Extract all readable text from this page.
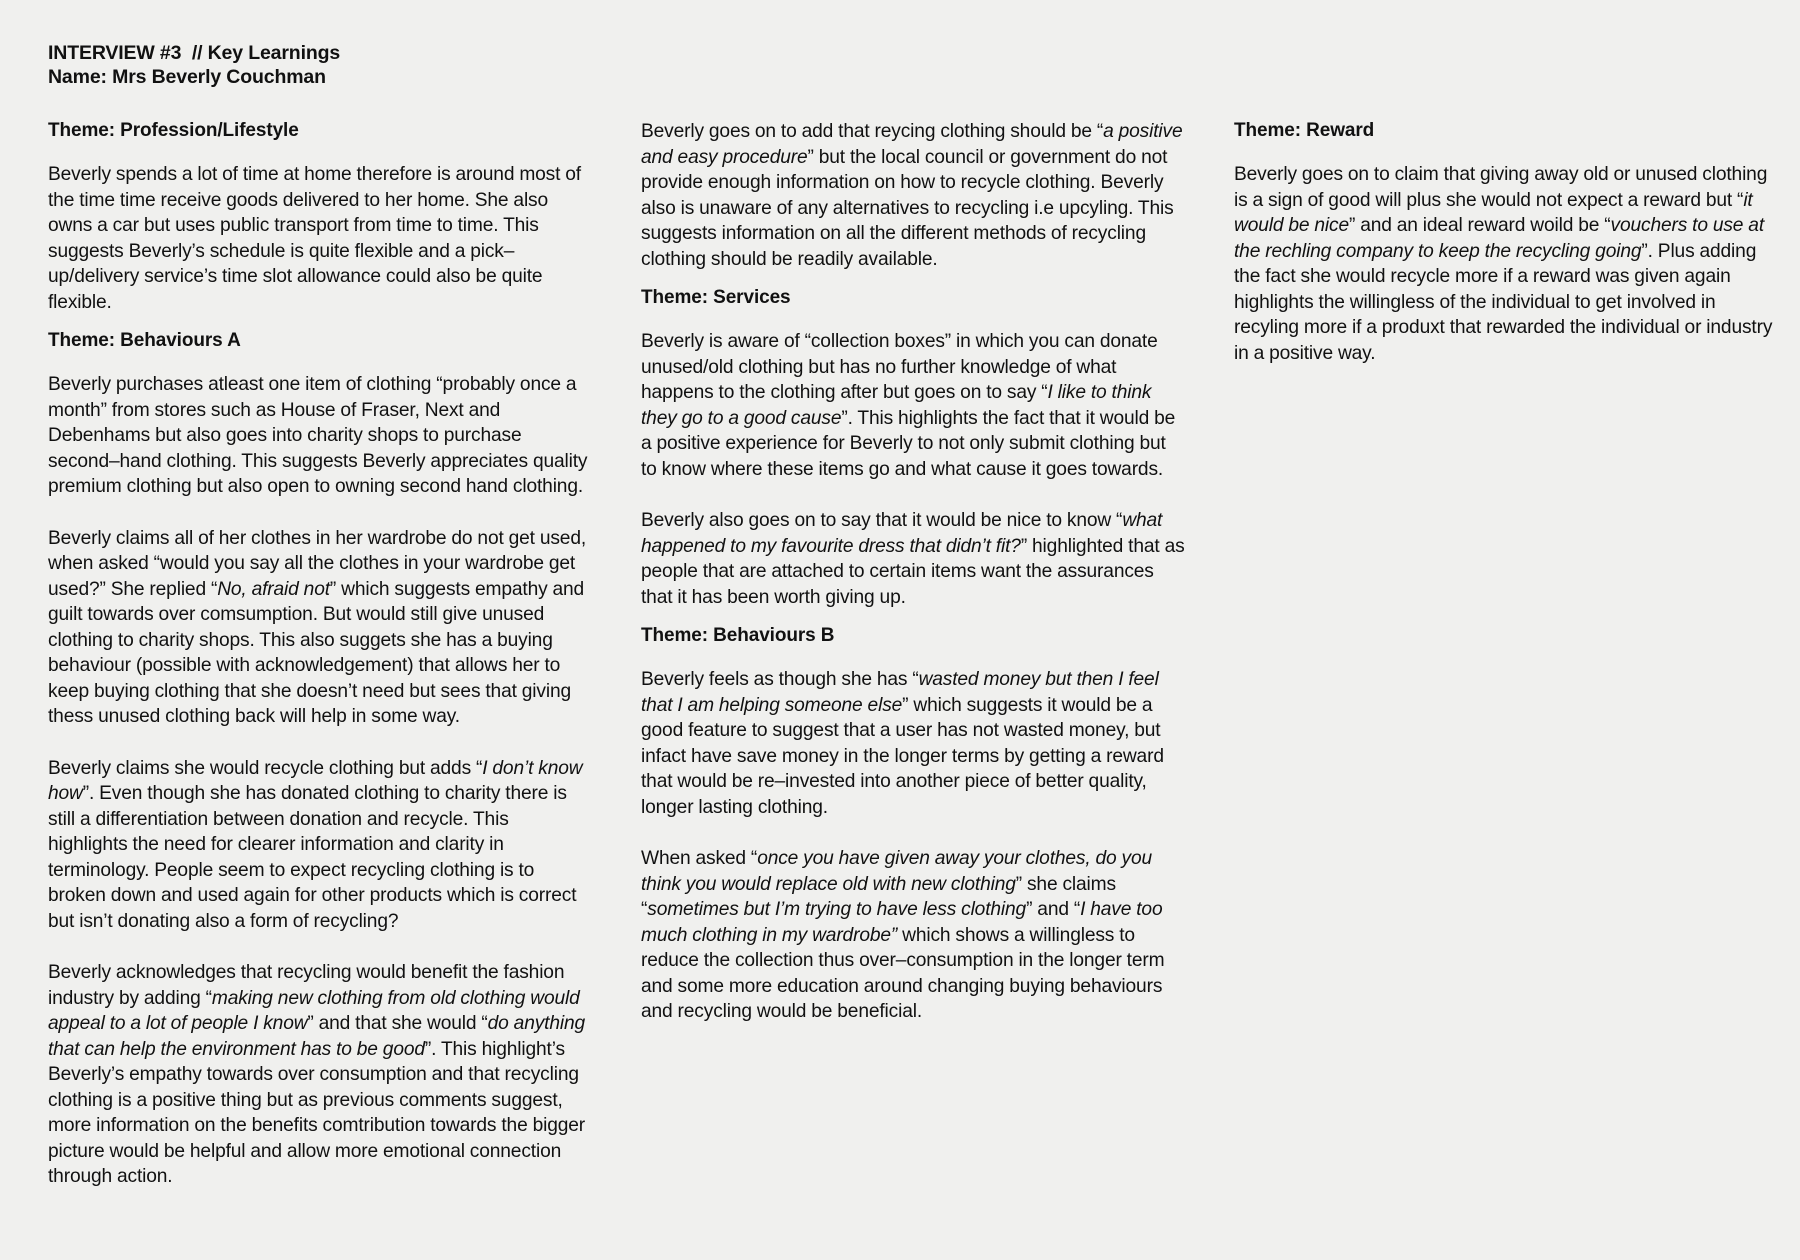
INTERVIEW #3  // Key Learnings
Name: Mrs Beverly Couchman
Theme: Profession/Lifestyle

Beverly spends a lot of time at home therefore is around most of the time time receive goods delivered to her home. She also owns a car but uses public transport from time to time. This suggests Beverly’s schedule is quite flexible and a pick–up/delivery service’s time slot allowance could also be quite flexible.

Theme: Behaviours A

Beverly purchases atleast one item of clothing “probably once a month” from stores such as House of Fraser, Next and Debenhams but also goes into charity shops to purchase second–hand clothing. This suggests Beverly appreciates quality premium clothing but also open to owning second hand clothing.

Beverly claims all of her clothes in her wardrobe do not get used, when asked “would you say all the clothes in your wardrobe get used?” She replied “No, afraid not” which suggests empathy and guilt towards over comsumption. But would still give unused clothing to charity shops. This also suggets she has a buying behaviour (possible with acknowledgement) that allows her to keep buying clothing that she doesn’t need but sees that giving thess unused clothing back will help in some way.

Beverly claims she would recycle clothing but adds “I don’t know how”. Even though she has donated clothing to charity there is still a differentiation between donation and recycle. This highlights the need for clearer information and clarity in terminology. People seem to expect recycling clothing is to broken down and used again for other products which is correct but isn’t donating also a form of recycling?

Beverly acknowledges that recycling would benefit the fashion industry by adding “making new clothing from old clothing would appeal to a lot of people I know” and that she would “do anything that can help the environment has to be good”. This highlight’s Beverly’s empathy towards over consumption and that recycling clothing is a positive thing but as previous comments suggest, more information on the benefits comtribution towards the bigger picture would be helpful and allow more emotional connection through action.

Beverly goes on to add that reycing clothing should be “a positive and easy procedure” but the local council or government do not provide enough information on how to recycle clothing. Beverly also is unaware of any alternatives to recycling i.e upcyling. This suggests information on all the different methods of recycling clothing should be readily available.

Theme: Services

Beverly is aware of “collection boxes” in which you can donate unused/old clothing but has no further knowledge of what happens to the clothing after but goes on to say “I like to think they go to a good cause”. This highlights the fact that it would be a positive experience for Beverly to not only submit clothing but to know where these items go and what cause it goes towards.

Beverly also goes on to say that it would be nice to know “what happened to my favourite dress that didn’t fit?” highlighted that as people that are attached to certain items want the assurances that it has been worth giving up.

Theme: Behaviours B

Beverly feels as though she has “wasted money but then I feel that I am helping someone else” which suggests it would be a good feature to suggest that a user has not wasted money, but infact have save money in the longer terms by getting a reward that would be re–invested into another piece of better quality, longer lasting clothing.

When asked “once you have given away your clothes, do you think you would replace old with new clothing” she claims “sometimes but I’m trying to have less clothing” and “I have too much clothing in my wardrobe” which shows a willingless to reduce the collection thus over–consumption in the longer term and some more education around changing buying behaviours and recycling would be beneficial.

Theme: Reward

Beverly goes on to claim that giving away old or unused clothing is a sign of good will plus she would not expect a reward but “it would be nice” and an ideal reward woild be “vouchers to use at the rechling company to keep the recycling going”. Plus adding the fact she would recycle more if a reward was given again highlights the willingless of the individual to get involved in recyling more if a produxt that rewarded the individual or industry in a positive way.
